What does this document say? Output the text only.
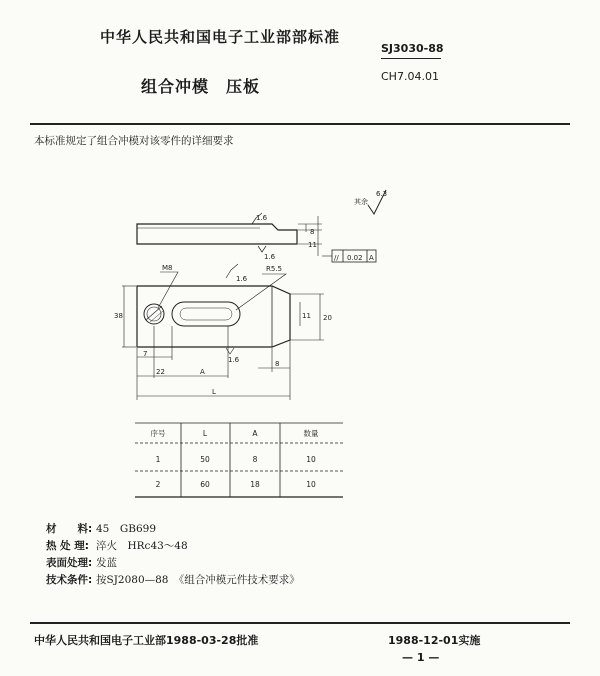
中华人民共和国电子工业部部标准
SJ3030-88
组合冲模　压板
CH7.04.01
本标准规定了组合冲模对该零件的详细要求
其余
6.3
1.6
1.6
8
11
// 0.02 A
M8	R5.5
38	20
11
7
22	A
1.6
1.6
8
L
序号	L	A	数量
1	50	8	10
2	60	18	10
材　　料: 45　GB699
热 处 理: 淬火　HRc43～48
表面处理: 发蓝
技术条件: 按SJ2080—88　《组合冲模元件技术要求》
中华人民共和国电子工业部1988-03-28批准	1988-12-01实施
— 1 —
